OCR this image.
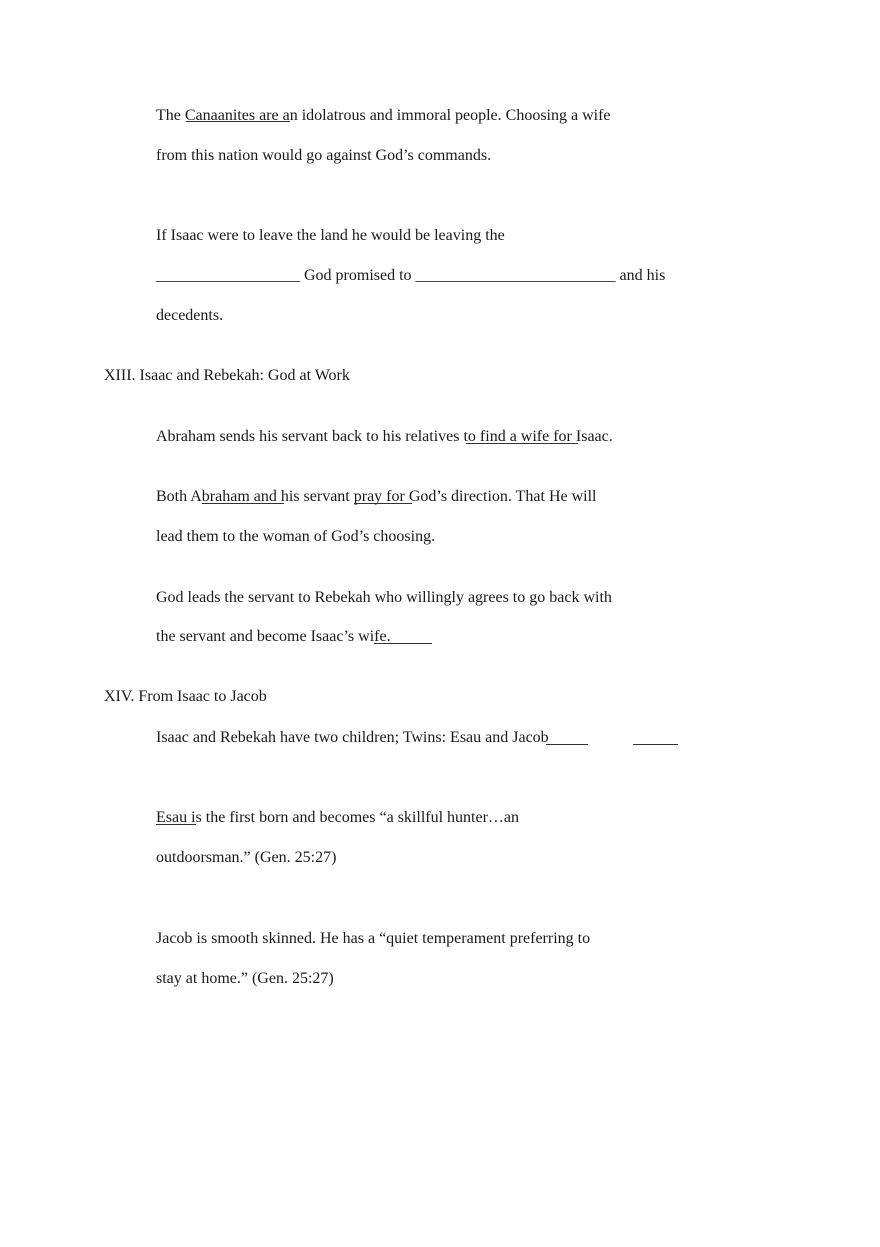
The Canaanites are an idolatrous and immoral people. Choosing a wife
from this nation would go against God’s commands.
If Isaac were to leave the land he would be leaving the
__________________ God promised to _________________________ and his
decedents.
XIII. Isaac and Rebekah: God at Work
Abraham sends his servant back to his relatives to find a wife for Isaac.
Both Abraham and his servant pray for God’s direction. That He will
lead them to the woman of God’s choosing.
God leads the servant to Rebekah who willingly agrees to go back with
the servant and become Isaac’s wife.
XIV. From Isaac to Jacob
Isaac and Rebekah have two children; Twins: Esau and Jacob
Esau is the first born and becomes “a skillful hunter…an
outdoorsman.” (Gen. 25:27)
Jacob is smooth skinned. He has a “quiet temperament preferring to
stay at home.” (Gen. 25:27)
